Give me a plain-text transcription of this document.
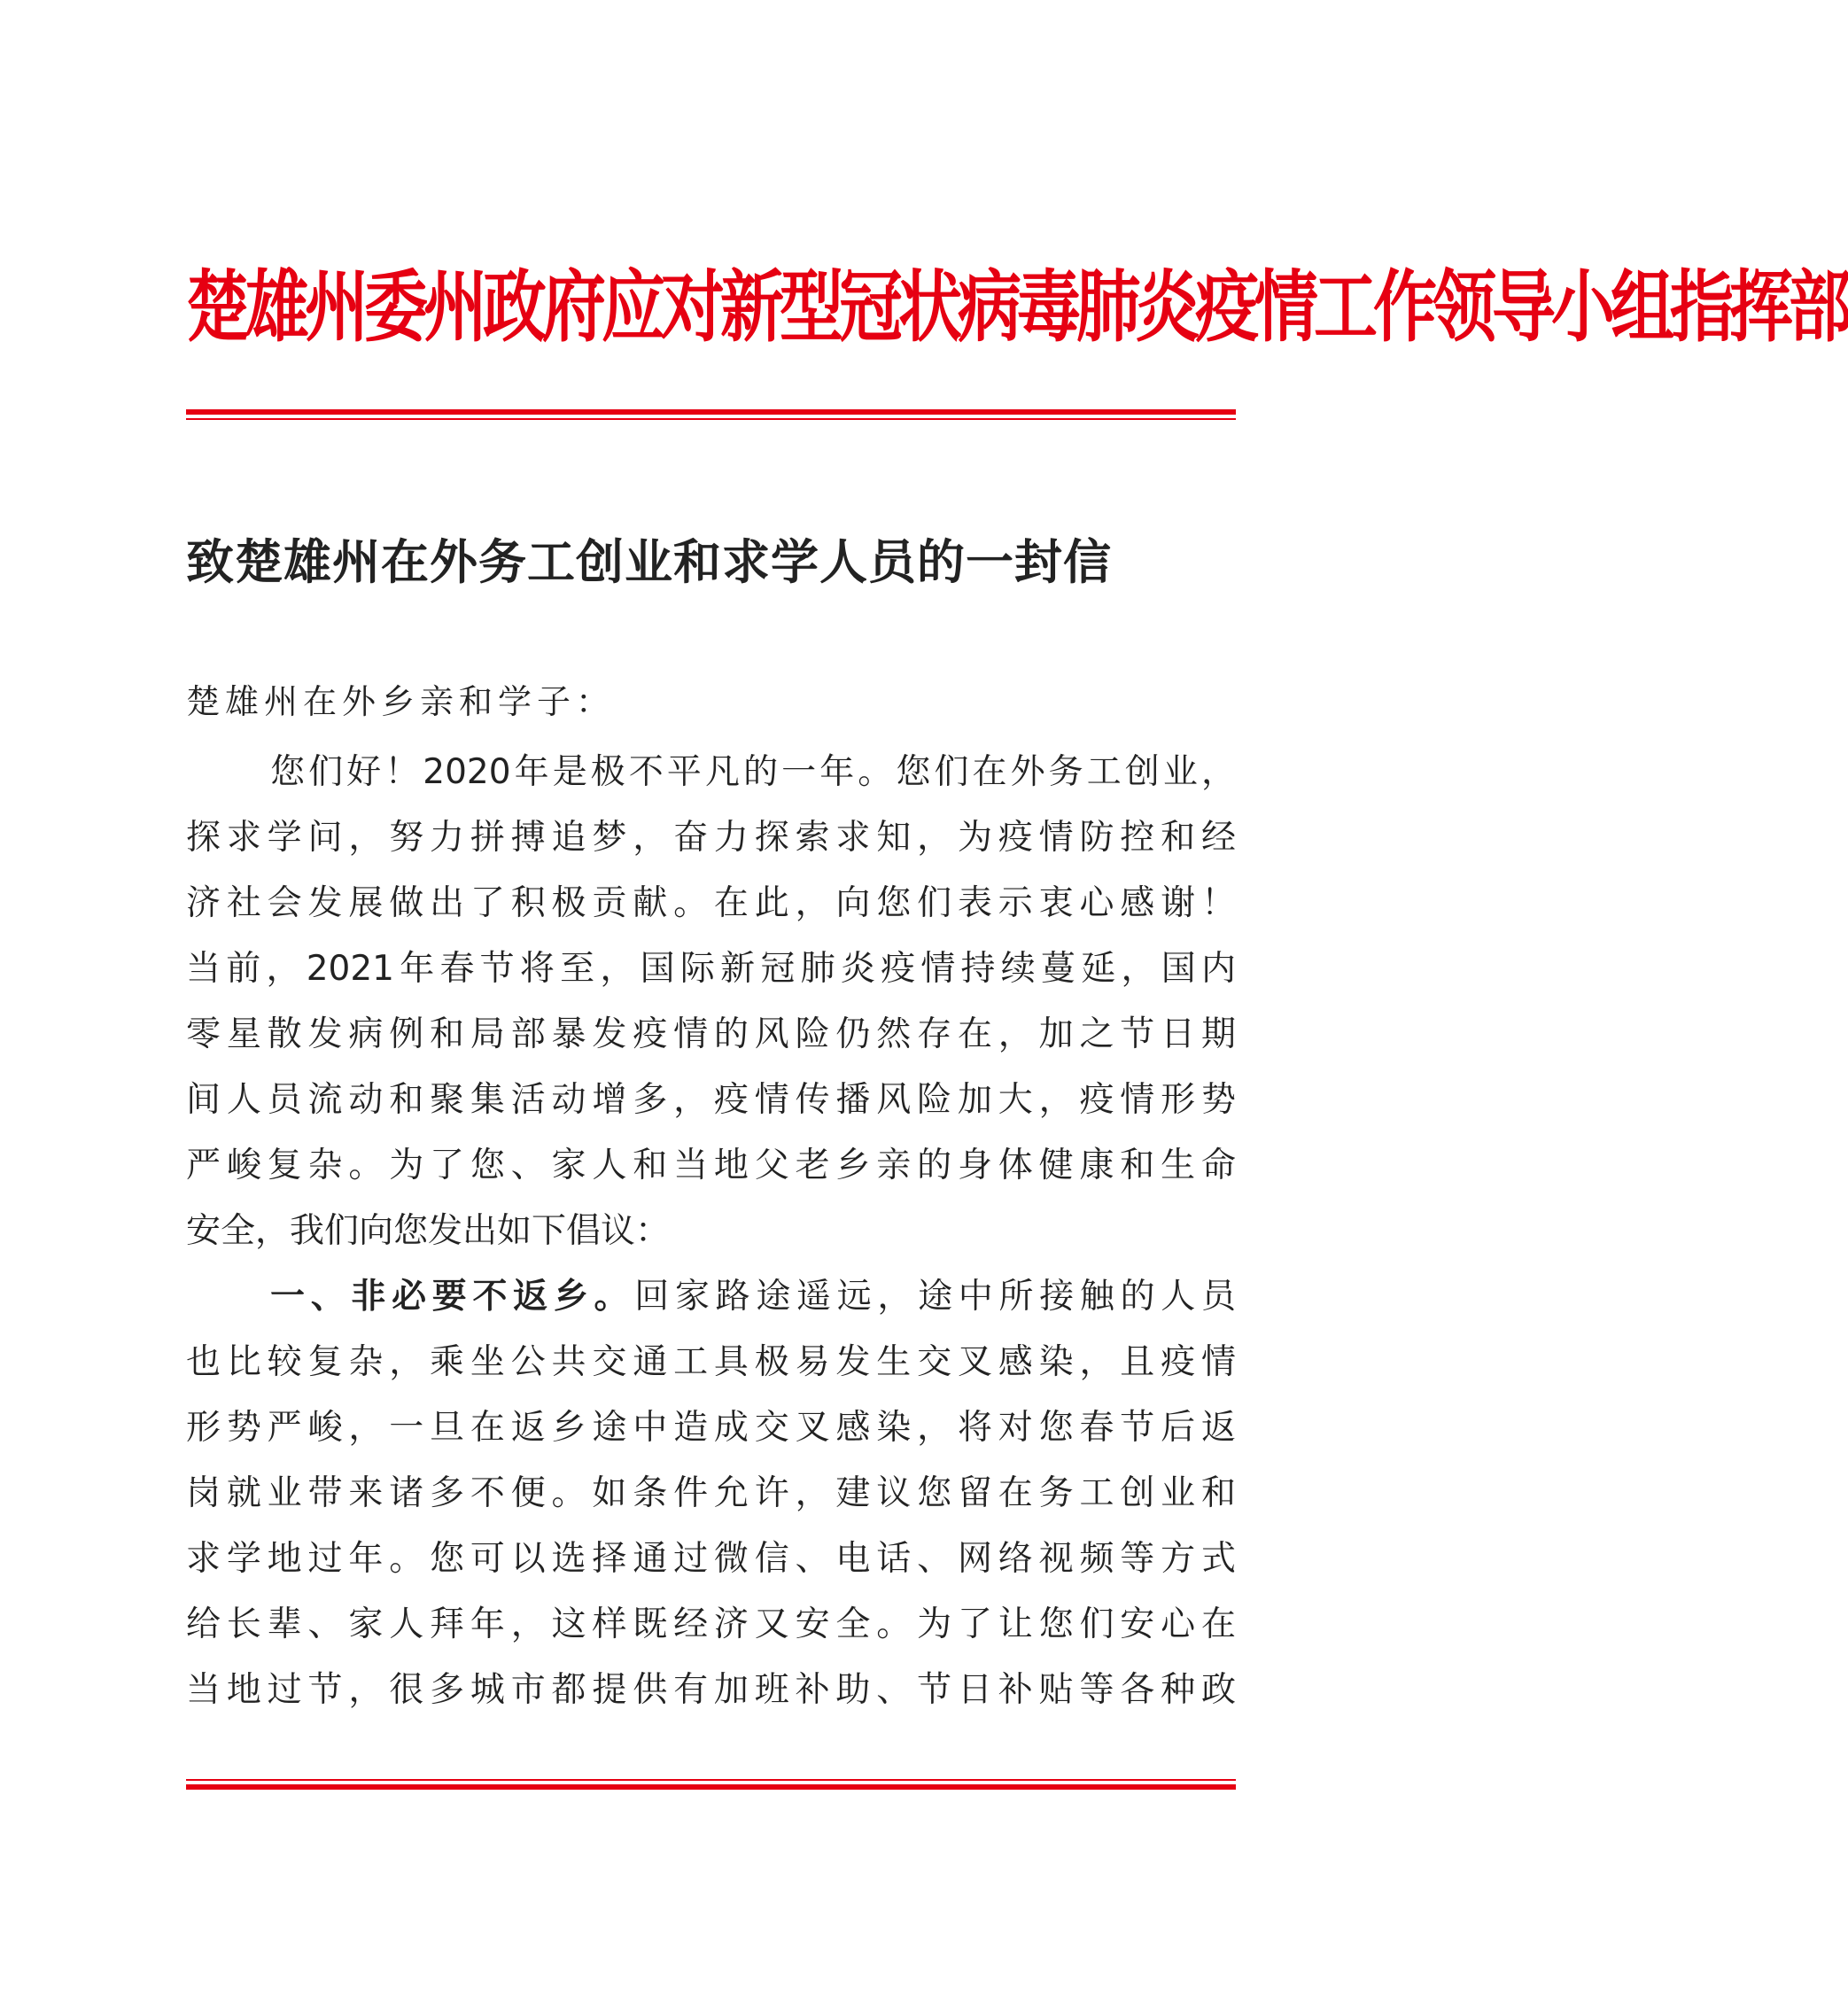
楚雄州委州政府应对新型冠状病毒肺炎疫情工作领导小组指挥部
致楚雄州在外务工创业和求学人员的一封信
楚雄州在外乡亲和学子：
您们好！2020年是极不平凡的一年。您们在外务工创业，
探求学问，努力拼搏追梦，奋力探索求知，为疫情防控和经
济社会发展做出了积极贡献。在此，向您们表示衷心感谢！
当前，2021年春节将至，国际新冠肺炎疫情持续蔓延，国内
零星散发病例和局部暴发疫情的风险仍然存在，加之节日期
间人员流动和聚集活动增多，疫情传播风险加大，疫情形势
严峻复杂。为了您、家人和当地父老乡亲的身体健康和生命
安全，我们向您发出如下倡议：
一、非必要不返乡。回家路途遥远，途中所接触的人员
也比较复杂，乘坐公共交通工具极易发生交叉感染，且疫情
形势严峻，一旦在返乡途中造成交叉感染，将对您春节后返
岗就业带来诸多不便。如条件允许，建议您留在务工创业和
求学地过年。您可以选择通过微信、电话、网络视频等方式
给长辈、家人拜年，这样既经济又安全。为了让您们安心在
当地过节，很多城市都提供有加班补助、节日补贴等各种政
